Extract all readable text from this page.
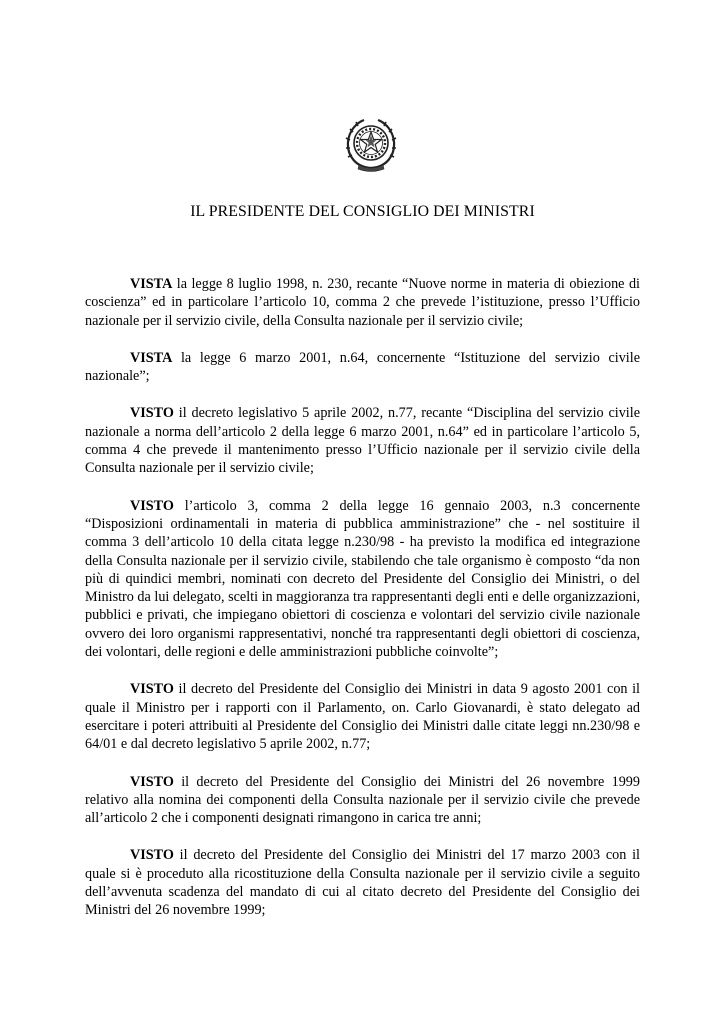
IL PRESIDENTE DEL CONSIGLIO DEI MINISTRI

VISTA la legge 8 luglio 1998, n. 230, recante “Nuove norme in materia di obiezione di coscienza” ed in particolare l’articolo 10, comma 2 che prevede l’istituzione, presso l’Ufficio nazionale per il servizio civile, della Consulta nazionale per il servizio civile;

VISTA la legge 6 marzo 2001, n.64, concernente “Istituzione del servizio civile nazionale”;

VISTO il decreto legislativo 5 aprile 2002, n.77, recante “Disciplina del servizio civile nazionale a norma dell’articolo 2 della legge 6 marzo 2001, n.64” ed in particolare l’articolo 5, comma 4 che prevede il mantenimento presso l’Ufficio nazionale per il servizio civile della Consulta nazionale per il servizio civile;

VISTO l’articolo 3, comma 2 della legge 16 gennaio 2003, n.3 concernente “Disposizioni ordinamentali in materia di pubblica amministrazione” che - nel sostituire il comma 3 dell’articolo 10 della citata legge n.230/98 - ha previsto la modifica ed integrazione della Consulta nazionale per il servizio civile, stabilendo che tale organismo è composto “da non più di quindici membri, nominati con decreto del Presidente del Consiglio dei Ministri, o del Ministro da lui delegato, scelti in maggioranza tra rappresentanti degli enti e delle organizzazioni, pubblici e privati, che impiegano obiettori di coscienza e volontari del servizio civile nazionale ovvero dei loro organismi rappresentativi, nonché tra rappresentanti degli obiettori di coscienza, dei volontari, delle regioni e delle amministrazioni pubbliche coinvolte”;

VISTO il decreto del Presidente del Consiglio dei Ministri in data 9 agosto 2001 con il quale il Ministro per i rapporti con il Parlamento, on. Carlo Giovanardi, è stato delegato ad esercitare i poteri attribuiti al Presidente del Consiglio dei Ministri dalle citate leggi nn.230/98 e 64/01 e dal decreto legislativo 5 aprile 2002, n.77;

VISTO il decreto del Presidente del Consiglio dei Ministri del 26 novembre 1999 relativo alla nomina dei componenti della Consulta nazionale per il servizio civile che prevede all’articolo 2 che i componenti designati rimangono in carica tre anni;

VISTO il decreto del Presidente del Consiglio dei Ministri del 17 marzo 2003 con il quale si è proceduto alla ricostituzione della Consulta nazionale per il servizio civile a seguito dell’avvenuta scadenza del mandato di cui al citato decreto del Presidente del Consiglio dei Ministri del 26 novembre 1999;
